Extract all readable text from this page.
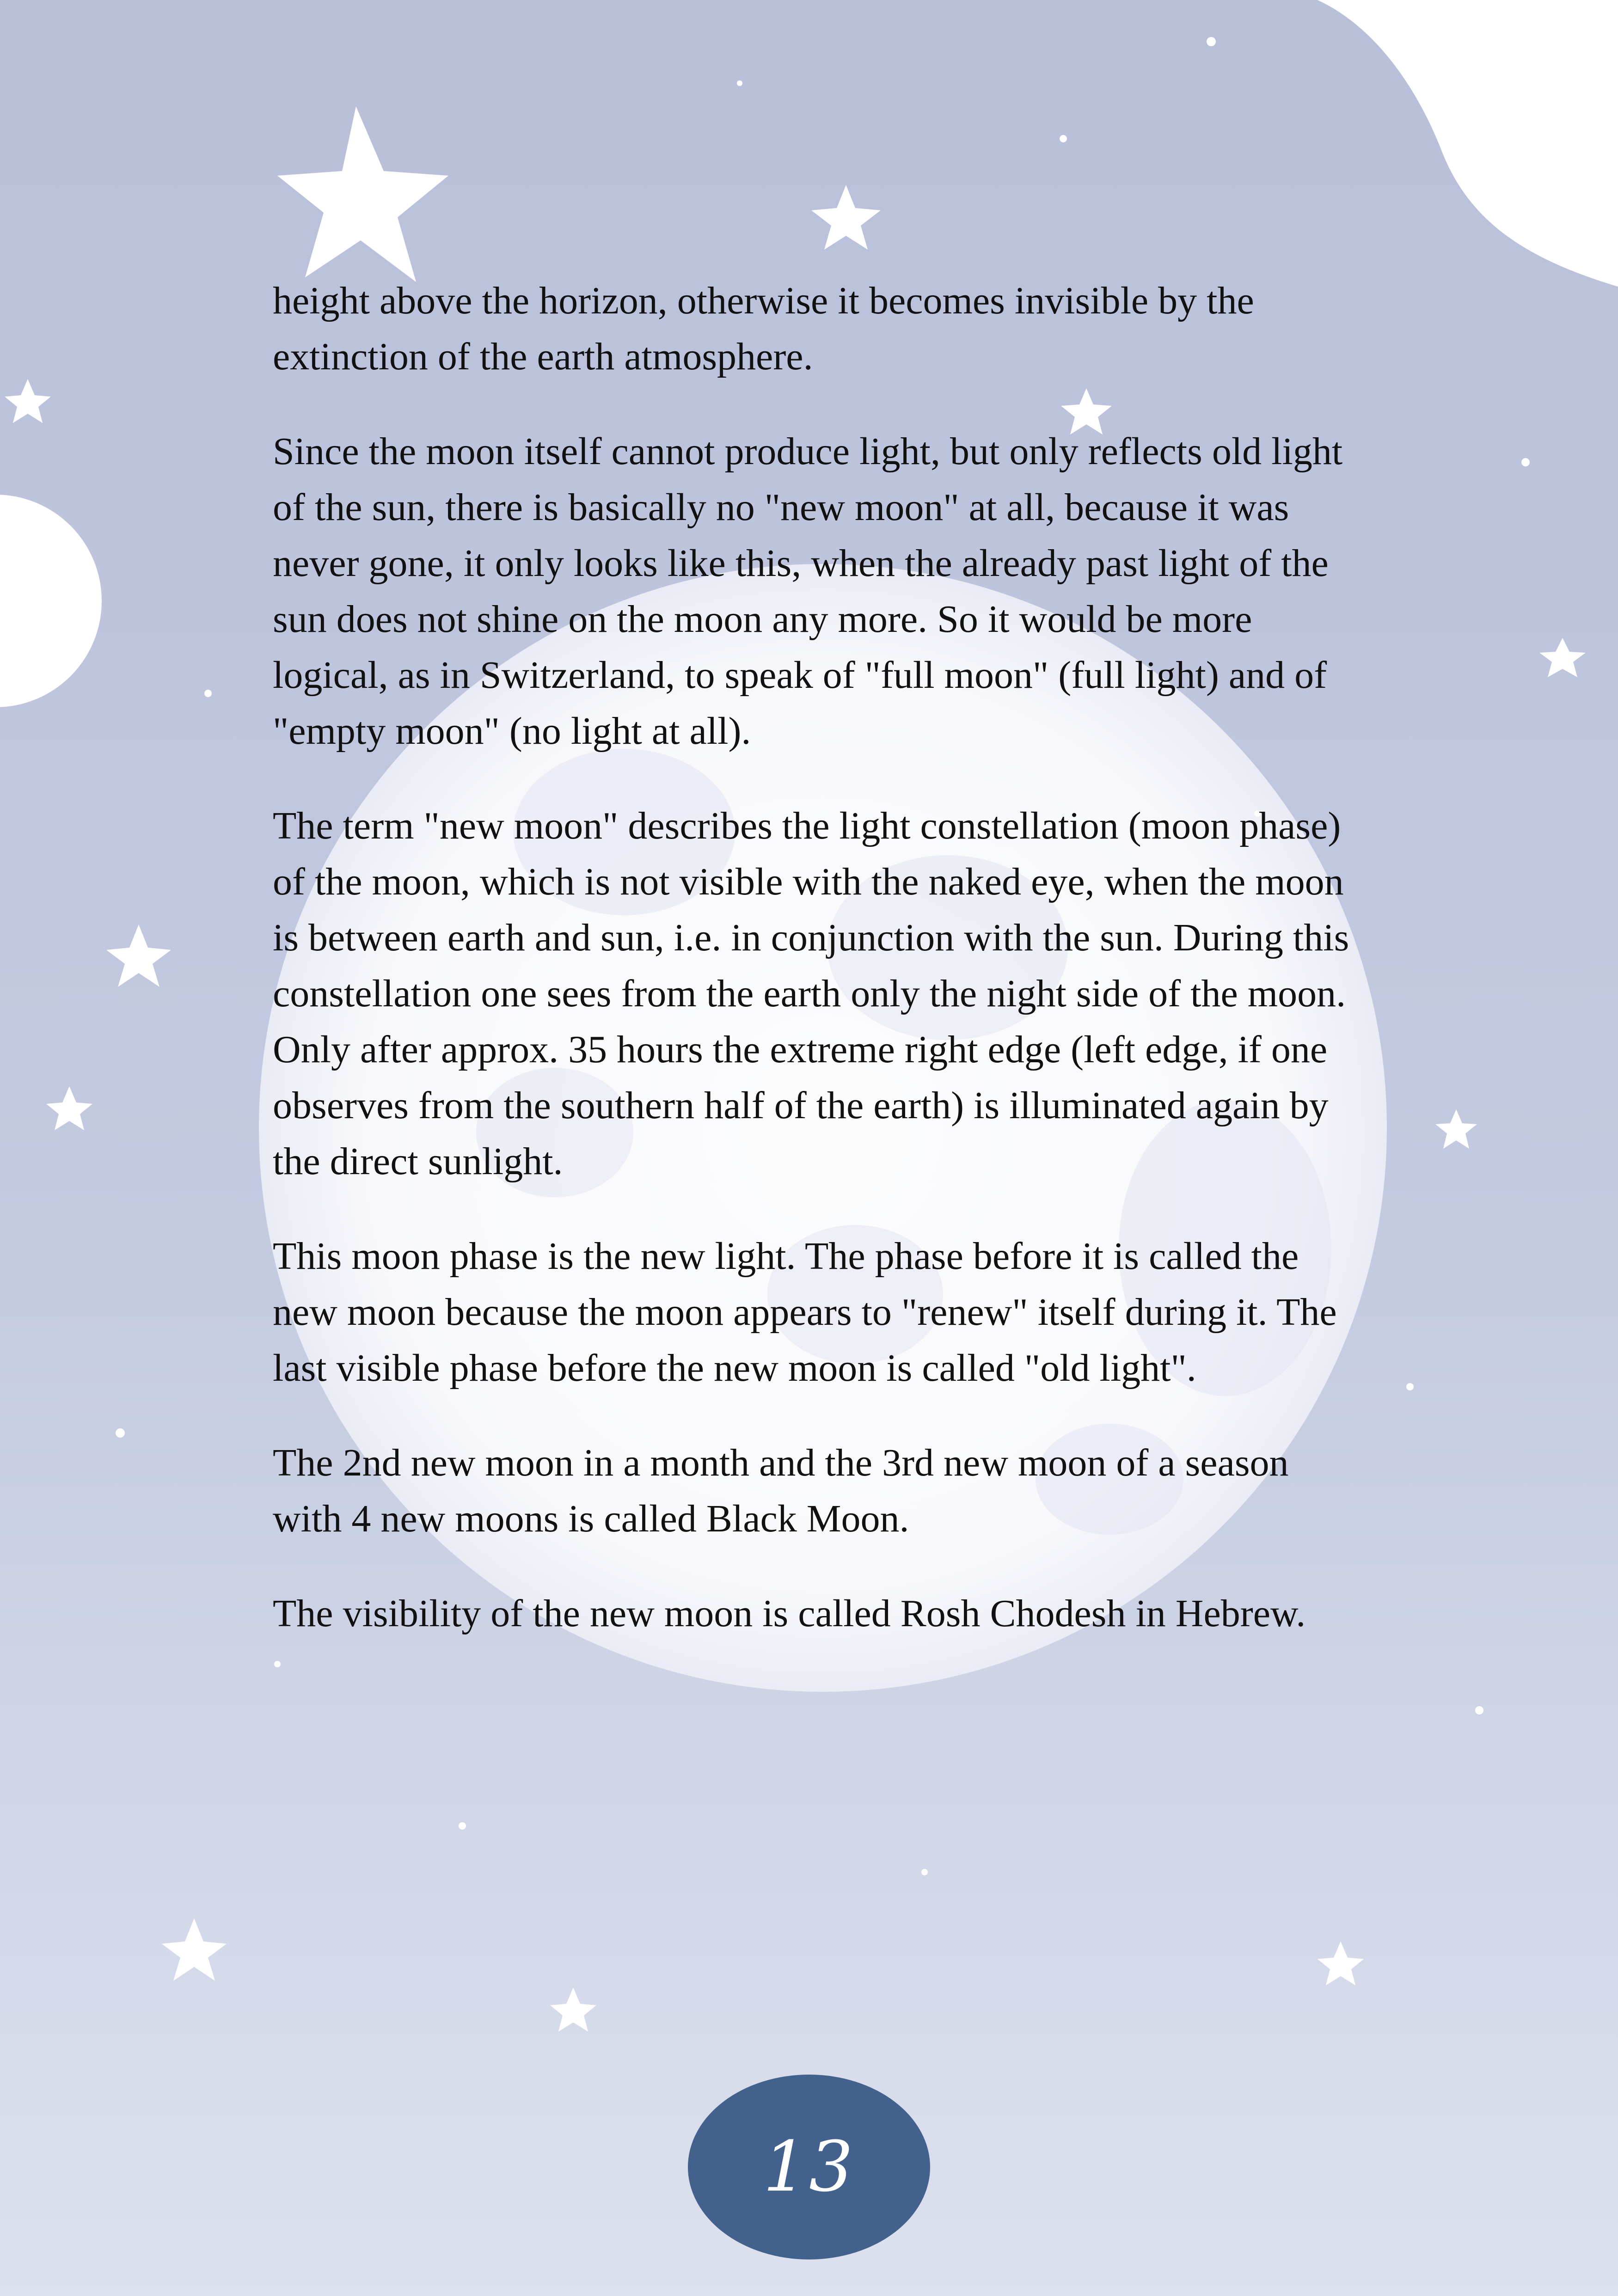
height above the horizon, otherwise it becomes invisible by the extinction of the earth atmosphere.

Since the moon itself cannot produce light, but only reflects old light of the sun, there is basically no "new moon" at all, because it was never gone, it only looks like this, when the already past light of the sun does not shine on the moon any more. So it would be more logical, as in Switzerland, to speak of "full moon" (full light) and of "empty moon" (no light at all).

The term "new moon" describes the light constellation (moon phase) of the moon, which is not visible with the naked eye, when the moon is between earth and sun, i.e. in conjunction with the sun. During this constellation one sees from the earth only the night side of the moon. Only after approx. 35 hours the extreme right edge (left edge, if one observes from the southern half of the earth) is illuminated again by the direct sunlight.

This moon phase is the new light. The phase before it is called the new moon because the moon appears to "renew" itself during it. The last visible phase before the new moon is called "old light".

The 2nd new moon in a month and the 3rd new moon of a season with 4 new moons is called Black Moon.

The visibility of the new moon is called Rosh Chodesh in Hebrew.

13
